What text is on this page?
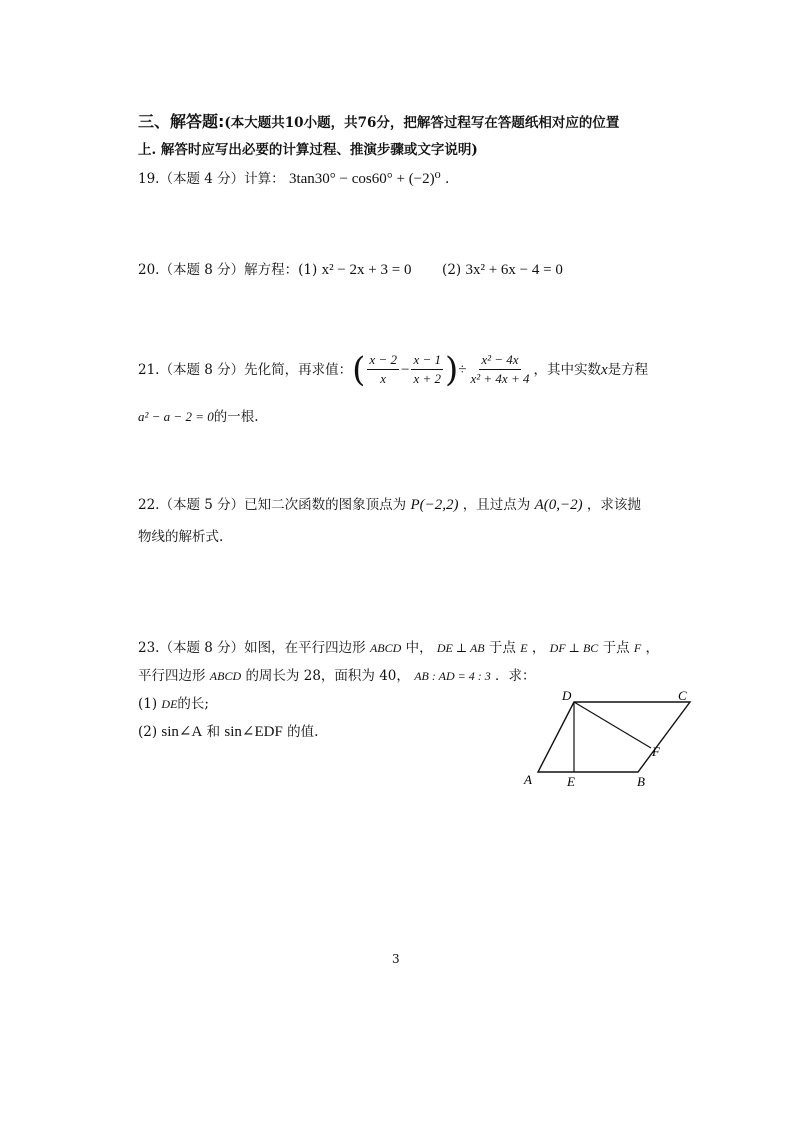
三、解答题:(本大题共10小题，共76分，把解答过程写在答题纸相对应的位置
上. 解答时应写出必要的计算过程、推演步骤或文字说明)
19.（本题 4 分）计算： 3tan30° − cos60° + (−2)⁰ .
20.（本题 8 分）解方程：(1) x² − 2x + 3 = 0 (2) 3x² + 6x − 4 = 0
21.（本题 8 分）先化简，再求值： ( $\frac{x - 2}{x} - \frac{x - 1}{x + 2}$ ) ÷ $\frac{\text{x² − 4x}}{\text{x² + 4x + 4}}$ ，其中实数 x 是方程
a² − a − 2 = 0的一根.
22.（本题 5 分）已知二次函数的图象顶点为 P(−2,2) ，且过点为 A(0,−2) ，求该抛
物线的解析式.
23.（本题 8 分）如图，在平行四边形 ABCD 中， DE ⊥ AB 于点 E ， DF ⊥ BC 于点 F ，
平行四边形 ABCD 的周长为 28，面积为 40， AB : AD = 4 : 3 ．求：
(1) DE的长;
(2) sin∠A 和 sin∠EDF 的值.
D	C
F
A	E	B
3
